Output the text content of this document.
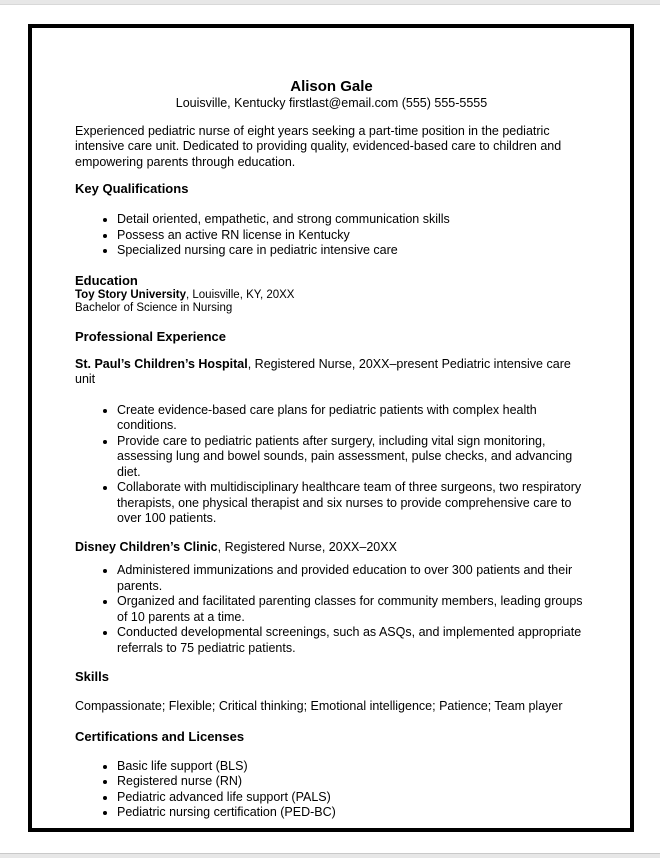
Alison Gale

Louisville, Kentucky firstlast@email.com (555) 555-5555

Experienced pediatric nurse of eight years seeking a part-time position in the pediatric intensive care unit. Dedicated to providing quality, evidenced-based care to children and empowering parents through education.

Key Qualifications
• Detail oriented, empathetic, and strong communication skills
• Possess an active RN license in Kentucky
• Specialized nursing care in pediatric intensive care
Education

Toy Story University, Louisville, KY, 20XX

Bachelor of Science in Nursing

Professional Experience

St. Paul’s Children’s Hospital, Registered Nurse, 20XX–present Pediatric intensive care unit

• Create evidence-based care plans for pediatric patients with complex health conditions.
• Provide care to pediatric patients after surgery, including vital sign monitoring, assessing lung and bowel sounds, pain assessment, pulse checks, and advancing diet.
• Collaborate with multidisciplinary healthcare team of three surgeons, two respiratory therapists, one physical therapist and six nurses to provide comprehensive care to over 100 patients.

Disney Children’s Clinic, Registered Nurse, 20XX–20XX

• Administered immunizations and provided education to over 300 patients and their parents.
• Organized and facilitated parenting classes for community members, leading groups of 10 parents at a time.
• Conducted developmental screenings, such as ASQs, and implemented appropriate referrals to 75 pediatric patients.
Skills

Compassionate; Flexible; Critical thinking; Emotional intelligence; Patience; Team player

Certifications and Licenses
• Basic life support (BLS)
• Registered nurse (RN)
• Pediatric advanced life support (PALS)
• Pediatric nursing certification (PED-BC)
